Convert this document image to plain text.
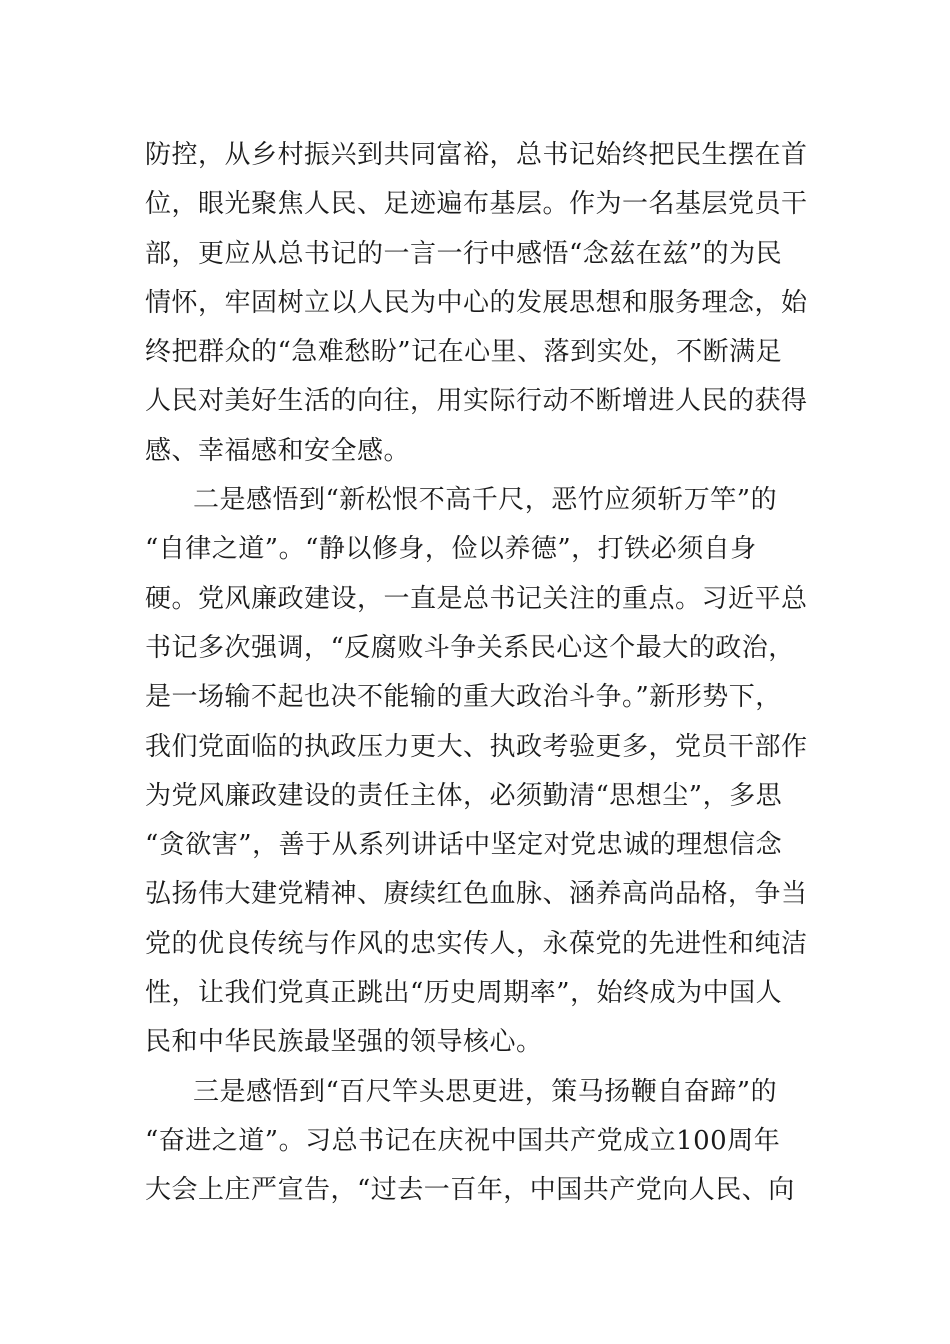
防控，从乡村振兴到共同富裕，总书记始终把民生摆在首
位，眼光聚焦人民、足迹遍布基层。作为一名基层党员干
部，更应从总书记的一言一行中感悟“念兹在兹”的为民
情怀，牢固树立以人民为中心的发展思想和服务理念，始
终把群众的“急难愁盼”记在心里、落到实处，不断满足
人民对美好生活的向往，用实际行动不断增进人民的获得
感、幸福感和安全感。
二是感悟到“新松恨不高千尺，恶竹应须斩万竿”的
“自律之道”。“静以修身，俭以养德”，打铁必须自身
硬。党风廉政建设，一直是总书记关注的重点。习近平总
书记多次强调，“反腐败斗争关系民心这个最大的政治，
是一场输不起也决不能输的重大政治斗争。”新形势下，
我们党面临的执政压力更大、执政考验更多，党员干部作
为党风廉政建设的责任主体，必须勤清“思想尘”，多思
“贪欲害”，善于从系列讲话中坚定对党忠诚的理想信念
弘扬伟大建党精神、赓续红色血脉、涵养高尚品格，争当
党的优良传统与作风的忠实传人，永葆党的先进性和纯洁
性，让我们党真正跳出“历史周期率”，始终成为中国人
民和中华民族最坚强的领导核心。
三是感悟到“百尺竿头思更进，策马扬鞭自奋蹄”的
“奋进之道”。习总书记在庆祝中国共产党成立100周年
大会上庄严宣告，“过去一百年，中国共产党向人民、向
